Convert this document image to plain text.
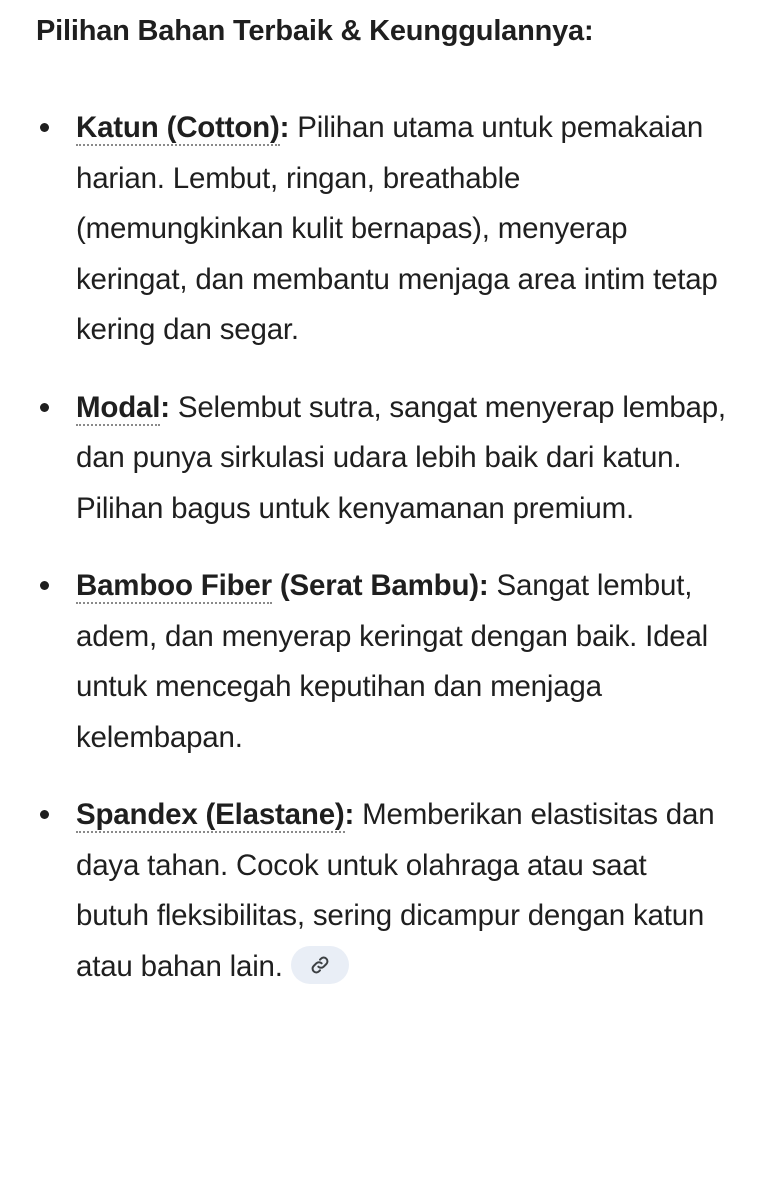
Pilihan Bahan Terbaik & Keunggulannya:
Katun (Cotton): Pilihan utama untuk pemakaian harian. Lembut, ringan, breathable (memungkinkan kulit bernapas), menyerap keringat, dan membantu menjaga area intim tetap kering dan segar.
Modal: Selembut sutra, sangat menyerap lembap, dan punya sirkulasi udara lebih baik dari katun. Pilihan bagus untuk kenyamanan premium.
Bamboo Fiber (Serat Bambu): Sangat lembut, adem, dan menyerap keringat dengan baik. Ideal untuk mencegah keputihan dan menjaga kelembapan.
Spandex (Elastane): Memberikan elastisitas dan daya tahan. Cocok untuk olahraga atau saat butuh fleksibilitas, sering dicampur dengan katun atau bahan lain.
